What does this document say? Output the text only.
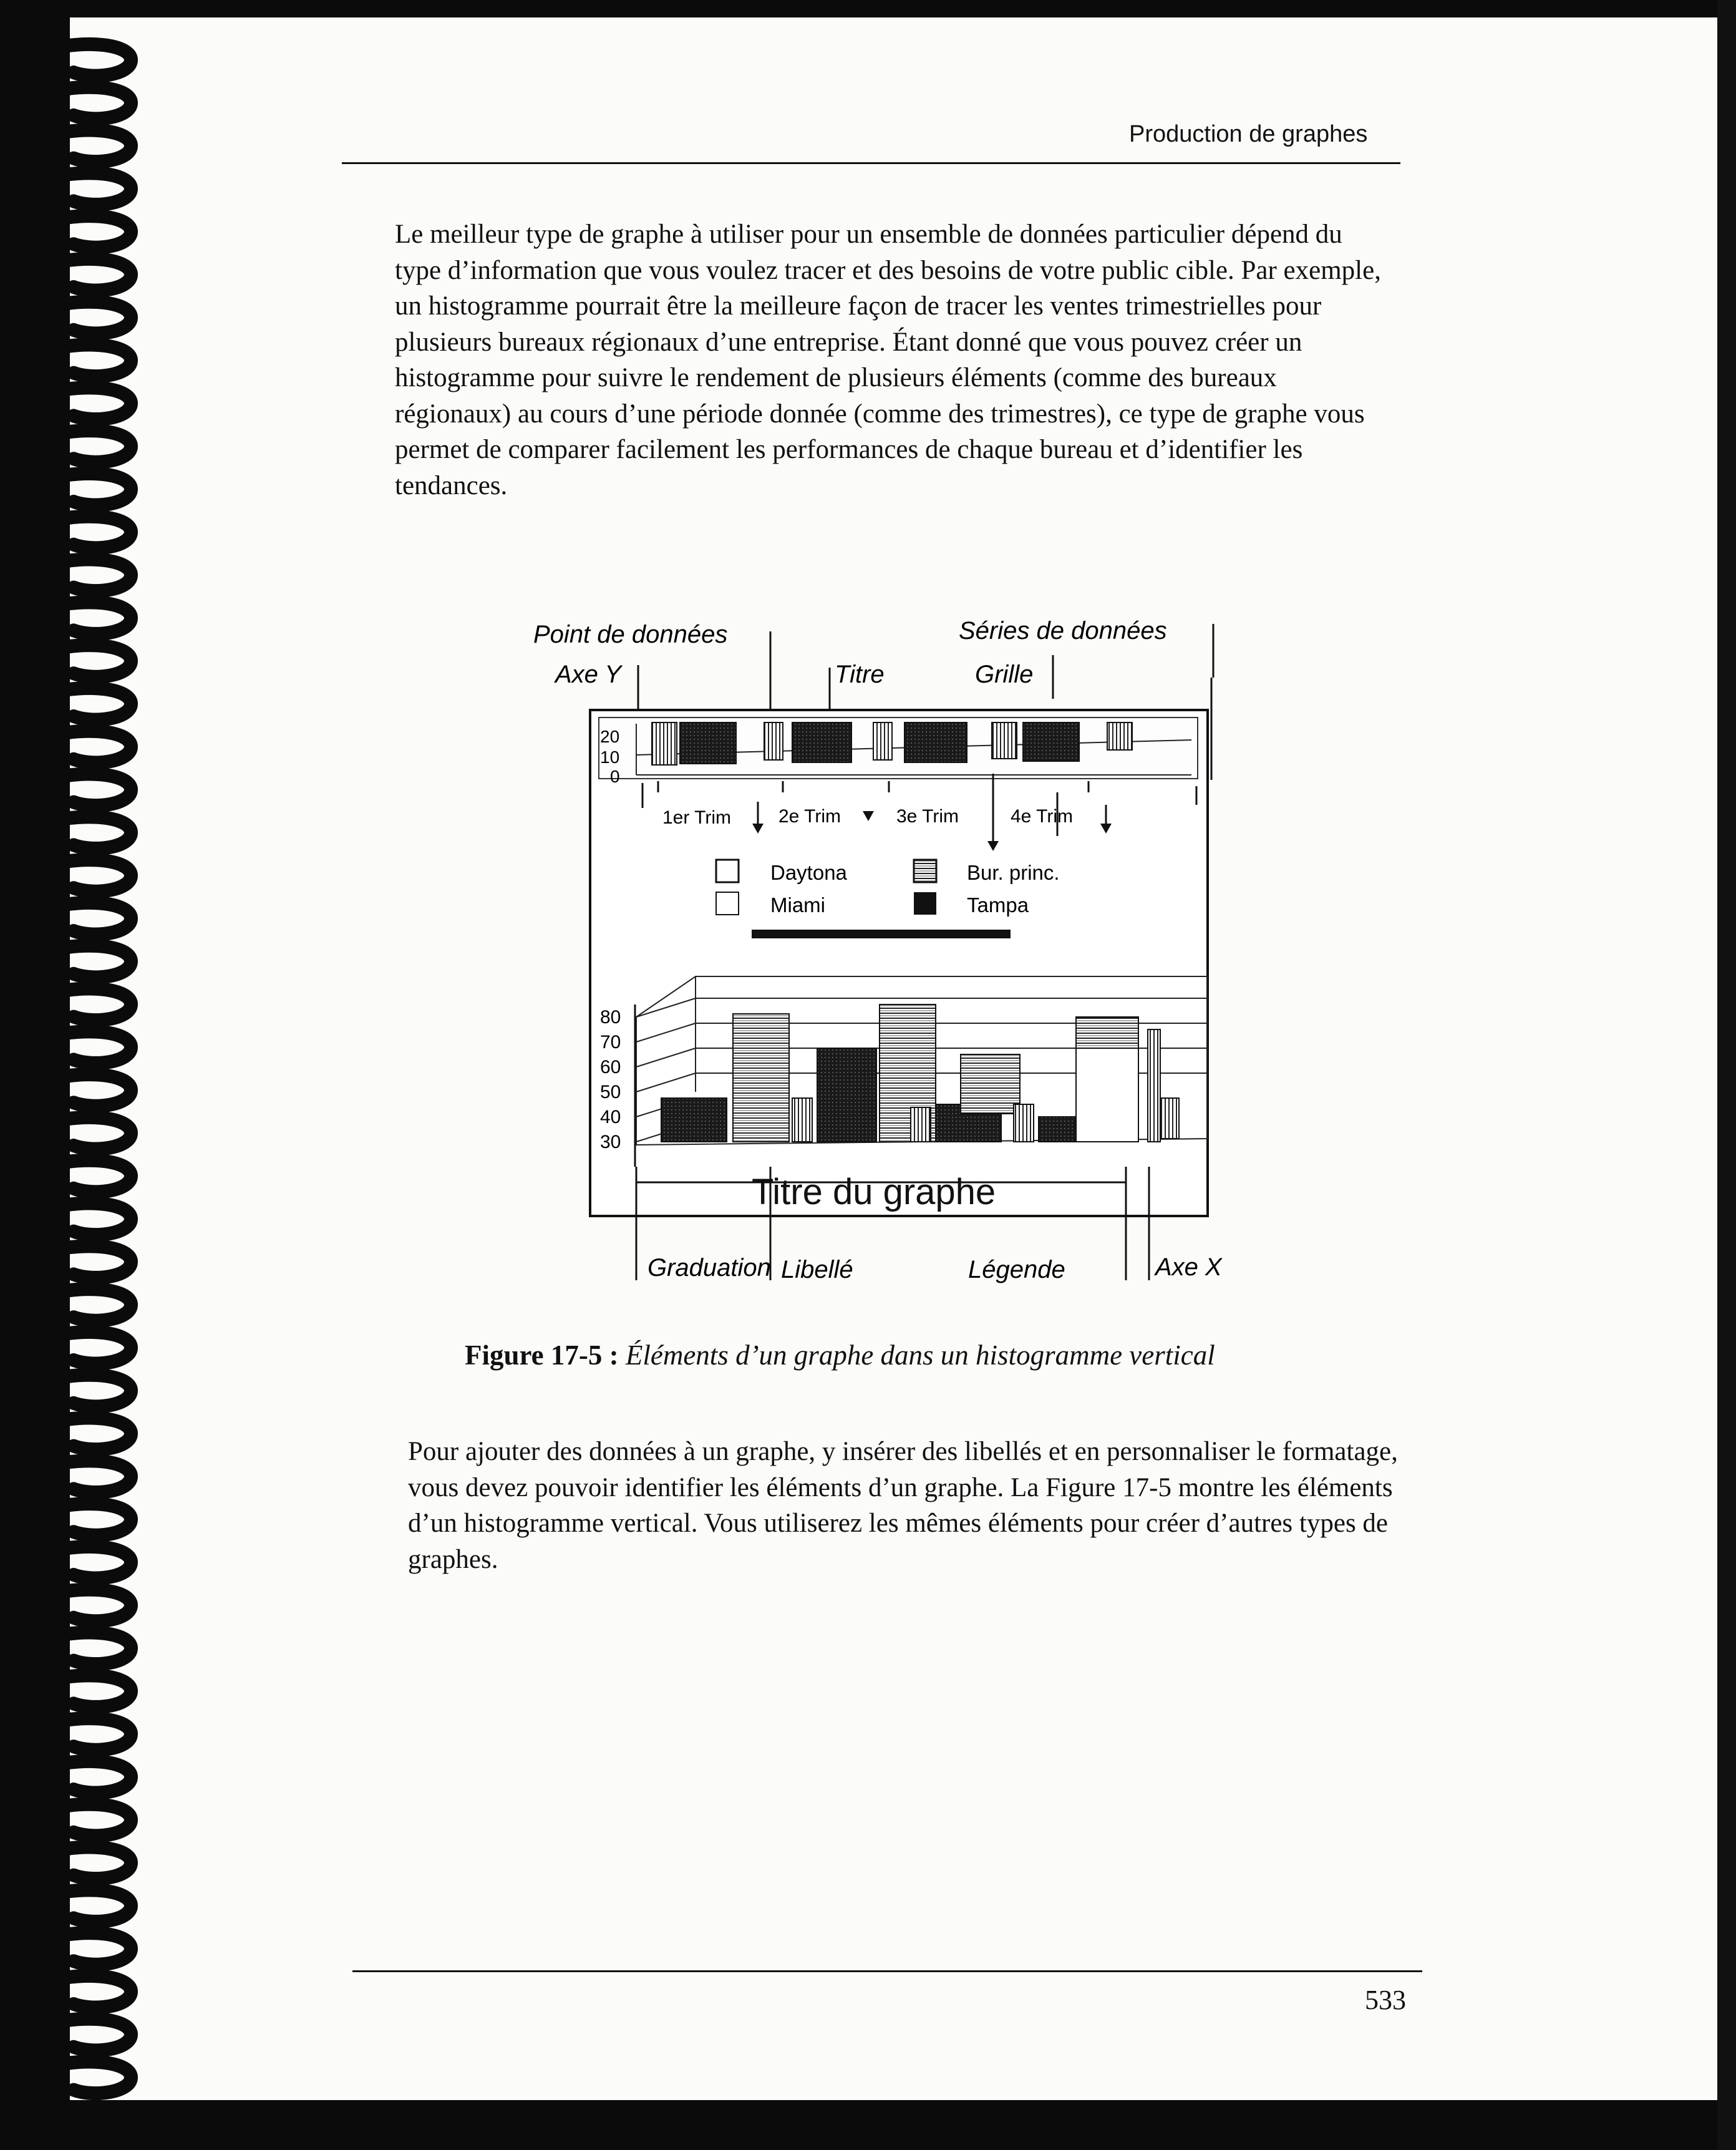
Production de graphes

Le meilleur type de graphe à utiliser pour un ensemble de données particulier dépend du type d’information que vous voulez tracer et des besoins de votre public cible. Par exemple, un histogramme pourrait être la meilleure façon de tracer les ventes trimestrielles pour plusieurs bureaux régionaux d’une entreprise. Étant donné que vous pouvez créer un histogramme pour suivre le rendement de plusieurs éléments (comme des bureaux régionaux) au cours d’une période donnée (comme des trimestres), ce type de graphe vous permet de comparer facilement les performances de chaque bureau et d’identifier les tendances.

Point de données	Séries de données
Axe Y	Titre	Grille
20
10
0
1er Trim	2e Trim	3e Trim	4e Trim
Daytona
Miami
Bur. princ.
Tampa
80
70
60
50
40
30
Titre du graphe
Graduation Libellé	Légende	Axe X
Figure 17-5 : Éléments d’un graphe dans un histogramme vertical

Pour ajouter des données à un graphe, y insérer des libellés et en personnaliser le formatage, vous devez pouvoir identifier les éléments d’un graphe. La Figure 17-5 montre les éléments d’un histogramme vertical. Vous utiliserez les mêmes éléments pour créer d’autres types de graphes.

533
